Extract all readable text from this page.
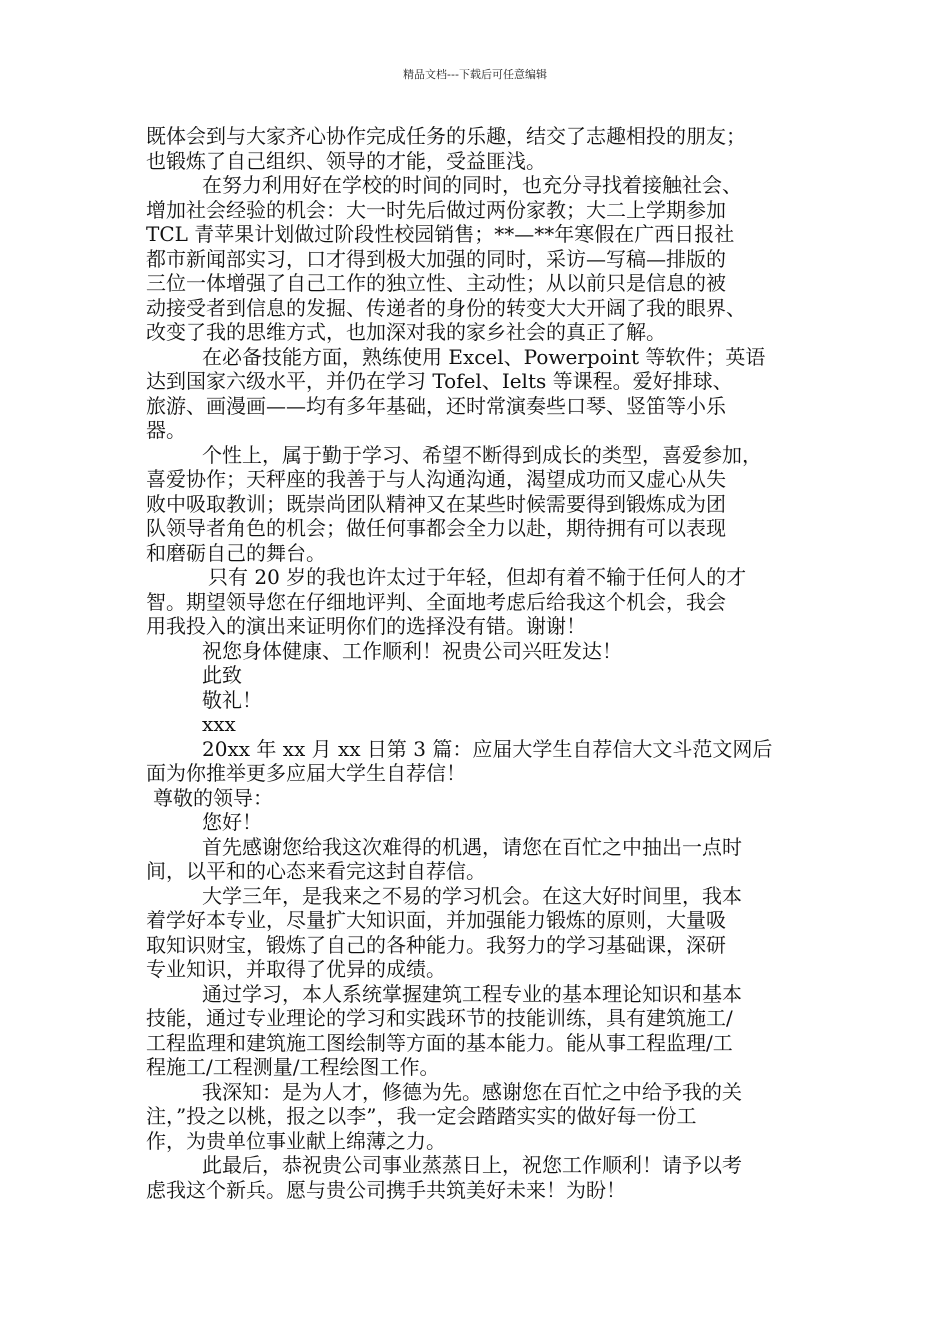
精品文档---下载后可任意编辑
既体会到与大家齐心协作完成任务的乐趣，结交了志趣相投的朋友；
也锻炼了自己组织、领导的才能，受益匪浅。
在努力利用好在学校的时间的同时，也充分寻找着接触社会、
增加社会经验的机会：大一时先后做过两份家教；大二上学期参加
TCL 青苹果计划做过阶段性校园销售；**—**年寒假在广西日报社
都市新闻部实习，口才得到极大加强的同时，采访—写稿—排版的
三位一体增强了自己工作的独立性、主动性；从以前只是信息的被
动接受者到信息的发掘、传递者的身份的转变大大开阔了我的眼界、
改变了我的思维方式，也加深对我的家乡社会的真正了解。
在必备技能方面，熟练使用 Excel、Powerpoint 等软件；英语
达到国家六级水平，并仍在学习 Tofel、Ielts 等课程。爱好排球、
旅游、画漫画——均有多年基础，还时常演奏些口琴、竖笛等小乐
器。
个性上，属于勤于学习、希望不断得到成长的类型，喜爱参加，
喜爱协作；天秤座的我善于与人沟通沟通，渴望成功而又虚心从失
败中吸取教训；既崇尚团队精神又在某些时候需要得到锻炼成为团
队领导者角色的机会；做任何事都会全力以赴，期待拥有可以表现
和磨砺自己的舞台。
只有 20 岁的我也许太过于年轻，但却有着不输于任何人的才
智。期望领导您在仔细地评判、全面地考虑后给我这个机会，我会
用我投入的演出来证明你们的选择没有错。谢谢！
祝您身体健康、工作顺利！祝贵公司兴旺发达！
此致
敬礼！
xxx
20xx 年 xx 月 xx 日第 3 篇：应届大学生自荐信大文斗范文网后
面为你推举更多应届大学生自荐信！
尊敬的领导：
您好！
首先感谢您给我这次难得的机遇，请您在百忙之中抽出一点时
间，以平和的心态来看完这封自荐信。
大学三年，是我来之不易的学习机会。在这大好时间里，我本
着学好本专业，尽量扩大知识面，并加强能力锻炼的原则，大量吸
取知识财宝，锻炼了自己的各种能力。我努力的学习基础课，深研
专业知识，并取得了优异的成绩。
通过学习，本人系统掌握建筑工程专业的基本理论知识和基本
技能，通过专业理论的学习和实践环节的技能训练，具有建筑施工/
工程监理和建筑施工图绘制等方面的基本能力。能从事工程监理/工
程施工/工程测量/工程绘图工作。
我深知：是为人才，修德为先。感谢您在百忙之中给予我的关
注，”投之以桃，报之以李”，我一定会踏踏实实的做好每一份工
作，为贵单位事业献上绵薄之力。
此最后，恭祝贵公司事业蒸蒸日上，祝您工作顺利！请予以考
虑我这个新兵。愿与贵公司携手共筑美好未来！为盼！
